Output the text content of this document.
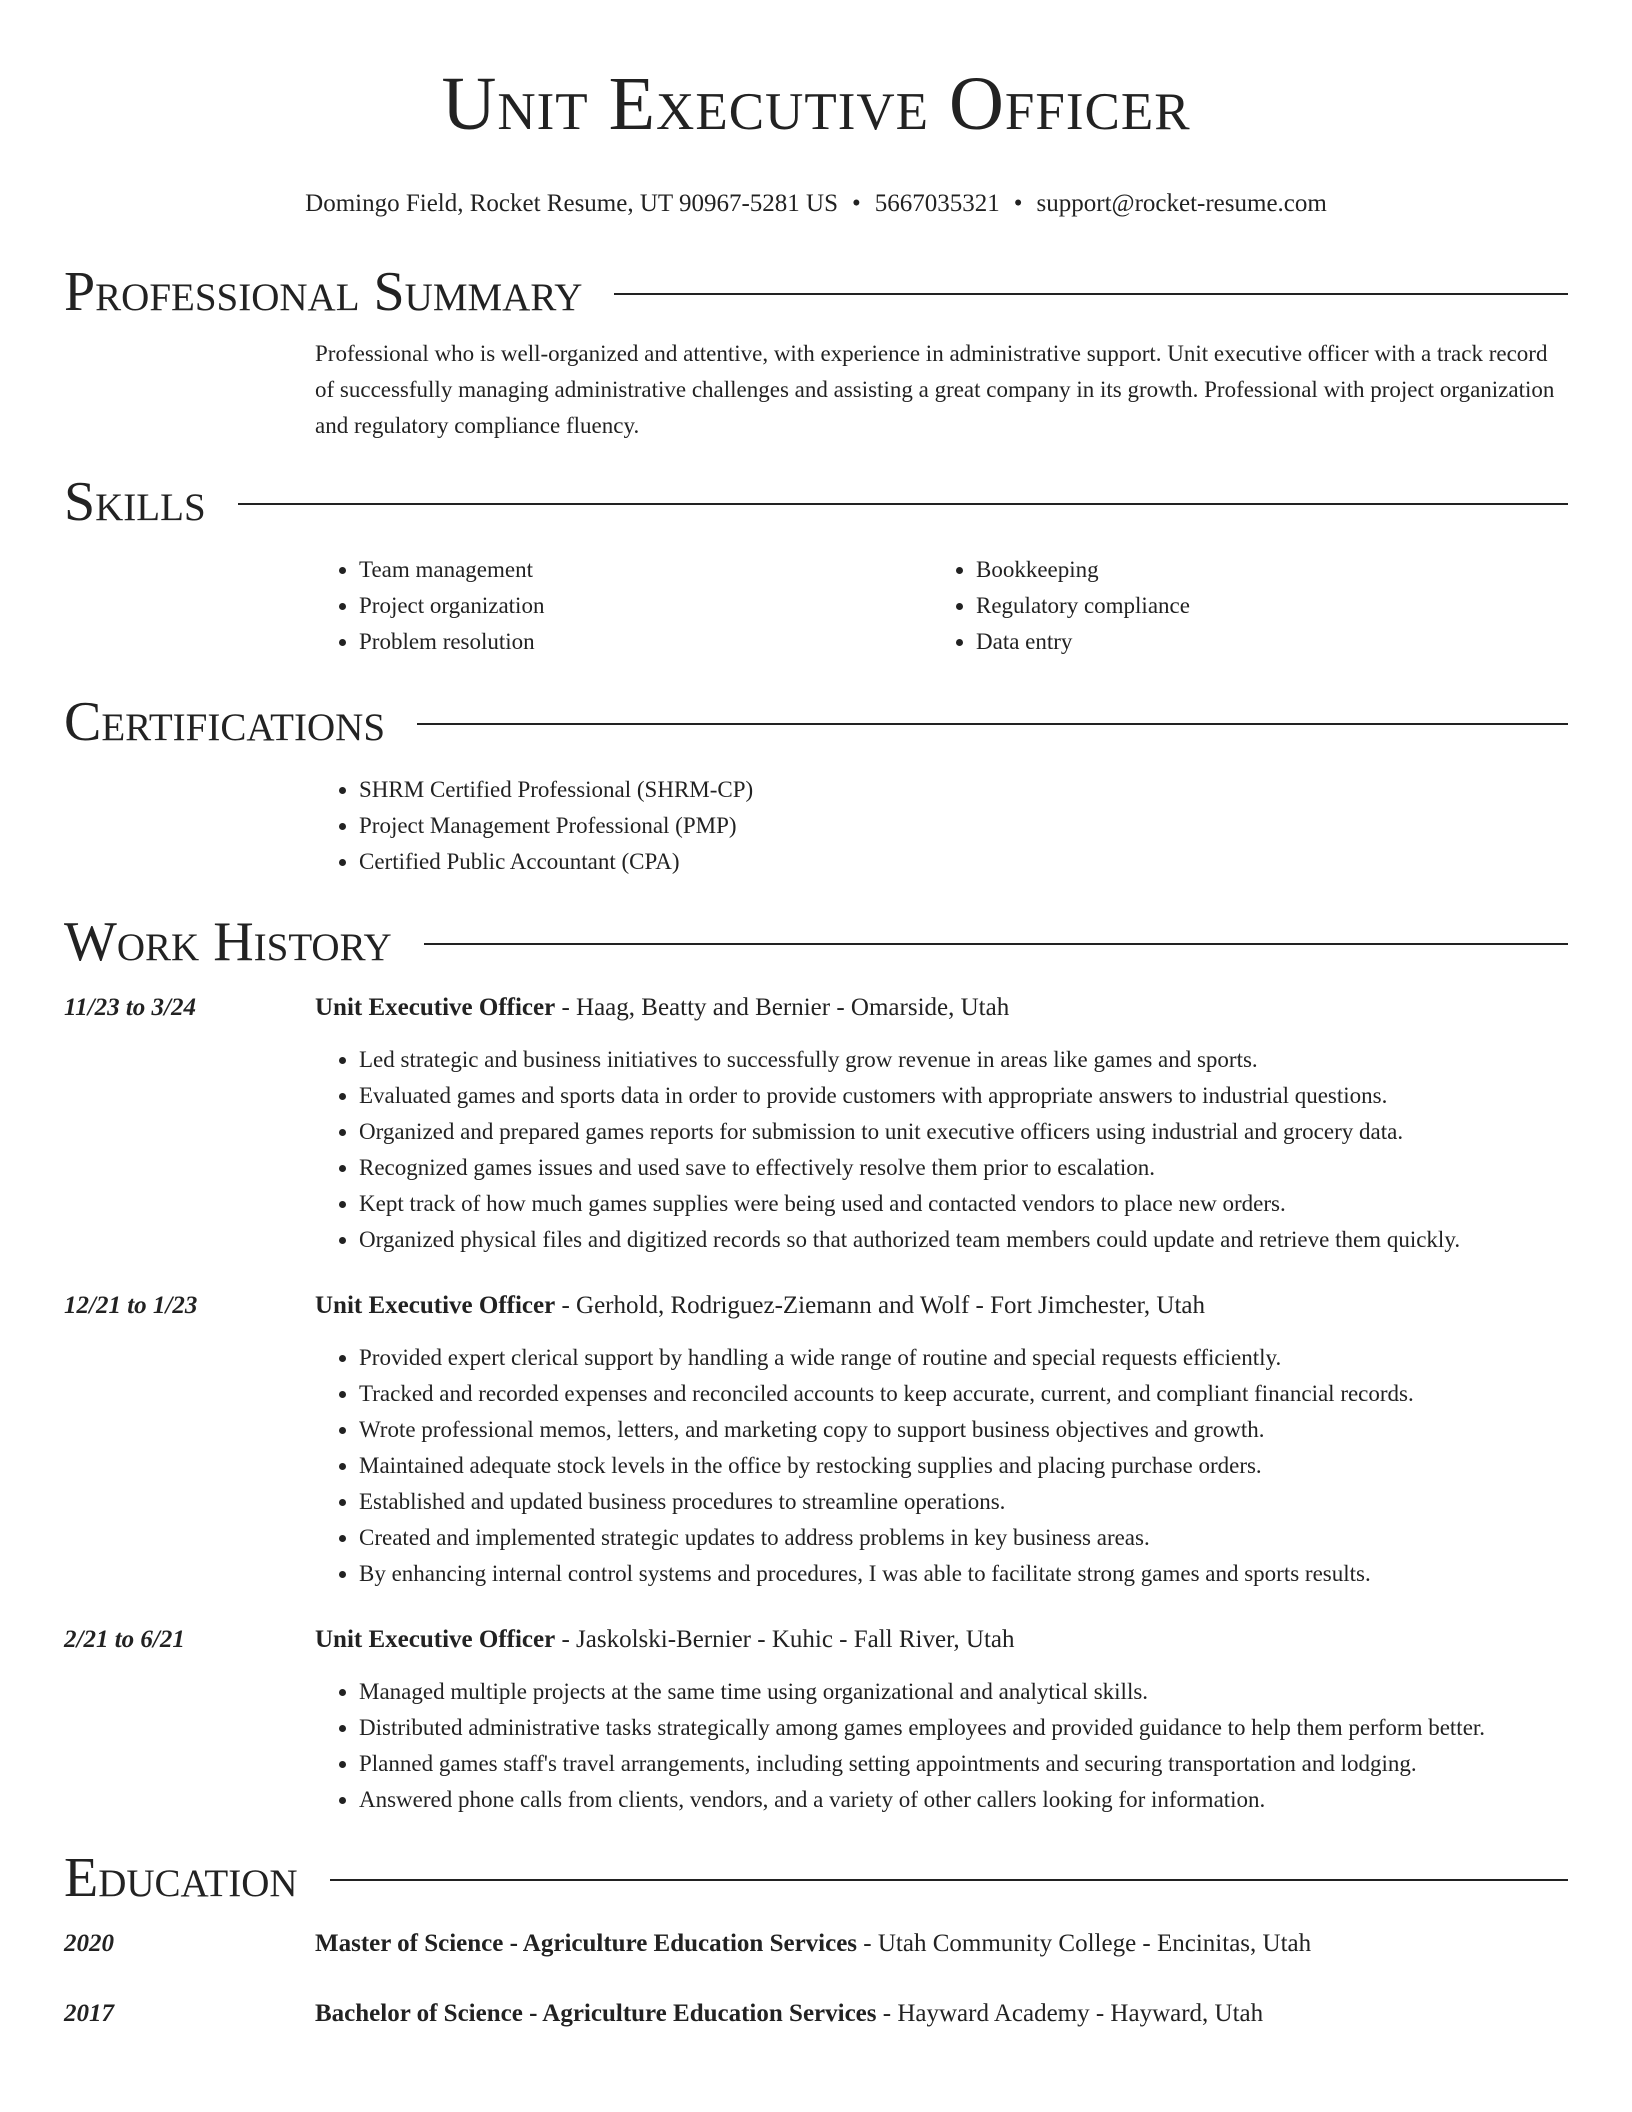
Unit Executive Officer
Domingo Field, Rocket Resume, UT 90967-5281 US • 5667035321 • support@rocket-resume.com
Professional Summary

Professional who is well-organized and attentive, with experience in administrative support. Unit executive officer with a track record of successfully managing administrative challenges and assisting a great company in its growth. Professional with project organization and regulatory compliance fluency.

Skills
• Team management
• Project organization
• Problem resolution
• Bookkeeping
• Regulatory compliance
• Data entry
Certifications
• SHRM Certified Professional (SHRM-CP)
• Project Management Professional (PMP)
• Certified Public Accountant (CPA)
Work History
11/23 to 3/24	Unit Executive Officer - Haag, Beatty and Bernier - Omarside, Utah
• Led strategic and business initiatives to successfully grow revenue in areas like games and sports.
• Evaluated games and sports data in order to provide customers with appropriate answers to industrial questions.
• Organized and prepared games reports for submission to unit executive officers using industrial and grocery data.
• Recognized games issues and used save to effectively resolve them prior to escalation.
• Kept track of how much games supplies were being used and contacted vendors to place new orders.
• Organized physical files and digitized records so that authorized team members could update and retrieve them quickly.
12/21 to 1/23	Unit Executive Officer - Gerhold, Rodriguez-Ziemann and Wolf - Fort Jimchester, Utah
• Provided expert clerical support by handling a wide range of routine and special requests efficiently.
• Tracked and recorded expenses and reconciled accounts to keep accurate, current, and compliant financial records.
• Wrote professional memos, letters, and marketing copy to support business objectives and growth.
• Maintained adequate stock levels in the office by restocking supplies and placing purchase orders.
• Established and updated business procedures to streamline operations.
• Created and implemented strategic updates to address problems in key business areas.
• By enhancing internal control systems and procedures, I was able to facilitate strong games and sports results.
2/21 to 6/21	Unit Executive Officer - Jaskolski-Bernier - Kuhic - Fall River, Utah
• Managed multiple projects at the same time using organizational and analytical skills.
• Distributed administrative tasks strategically among games employees and provided guidance to help them perform better.
• Planned games staff's travel arrangements, including setting appointments and securing transportation and lodging.
• Answered phone calls from clients, vendors, and a variety of other callers looking for information.
Education
2020	Master of Science - Agriculture Education Services - Utah Community College - Encinitas, Utah
2017	Bachelor of Science - Agriculture Education Services - Hayward Academy - Hayward, Utah
